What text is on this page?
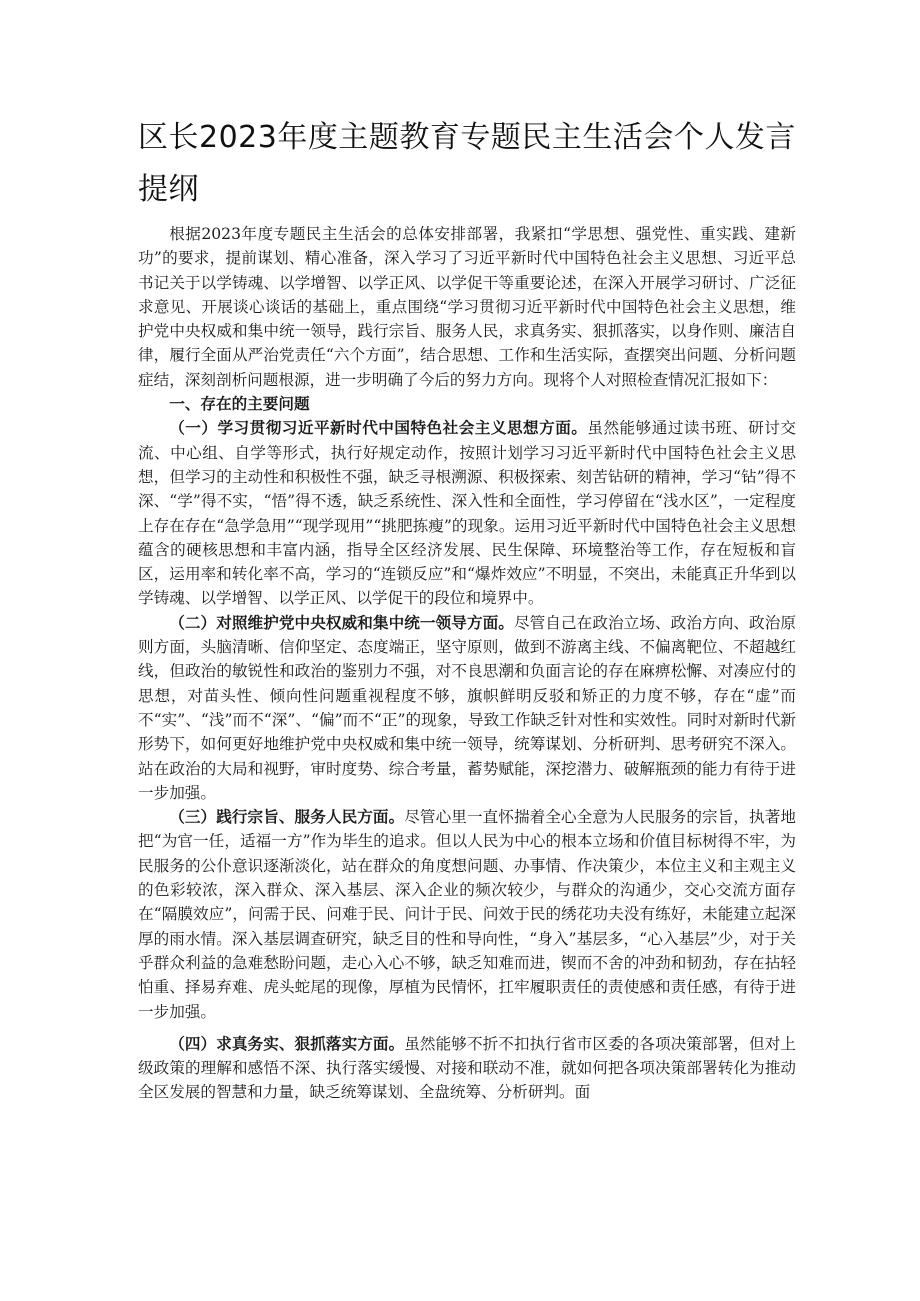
区长2023年度主题教育专题民主生活会个人发言提纲

根据2023年度专题民主生活会的总体安排部署，我紧扣“学思想、强党性、重实践、建新功”的要求，提前谋划、精心准备，深入学习了习近平新时代中国特色社会主义思想、习近平总书记关于以学铸魂、以学增智、以学正风、以学促干等重要论述，在深入开展学习研讨、广泛征求意见、开展谈心谈话的基础上，重点围绕“学习贯彻习近平新时代中国特色社会主义思想，维护党中央权威和集中统一领导，践行宗旨、服务人民，求真务实、狠抓落实，以身作则、廉洁自律，履行全面从严治党责任“六个方面”，结合思想、工作和生活实际，查摆突出问题、分析问题症结，深刻剖析问题根源，进一步明确了今后的努力方向。现将个人对照检查情况汇报如下：

一、存在的主要问题

（一）学习贯彻习近平新时代中国特色社会主义思想方面。虽然能够通过读书班、研讨交流、中心组、自学等形式，执行好规定动作，按照计划学习习近平新时代中国特色社会主义思想，但学习的主动性和积极性不强，缺乏寻根溯源、积极探索、刻苦钻研的精神，学习“钻”得不深、“学”得不实，“悟”得不透，缺乏系统性、深入性和全面性，学习停留在“浅水区”，一定程度上存在存在“急学急用”“现学现用”“挑肥拣瘦”的现象。运用习近平新时代中国特色社会主义思想蕴含的硬核思想和丰富内涵，指导全区经济发展、民生保障、环境整治等工作，存在短板和盲区，运用率和转化率不高，学习的“连锁反应”和“爆炸效应”不明显，不突出，未能真正升华到以学铸魂、以学增智、以学正风、以学促干的段位和境界中。

（二）对照维护党中央权威和集中统一领导方面。尽管自己在政治立场、政治方向、政治原则方面，头脑清晰、信仰坚定、态度端正，坚守原则，做到不游离主线、不偏离靶位、不超越红线，但政治的敏锐性和政治的鉴别力不强，对不良思潮和负面言论的存在麻痹松懈、对凑应付的思想，对苗头性、倾向性问题重视程度不够，旗帜鲜明反驳和矫正的力度不够，存在“虚”而不“实”、“浅”而不“深”、“偏”而不“正”的现象，导致工作缺乏针对性和实效性。同时对新时代新形势下，如何更好地维护党中央权威和集中统一领导，统筹谋划、分析研判、思考研究不深入。站在政治的大局和视野，审时度势、综合考量，蓄势赋能，深挖潜力、破解瓶颈的能力有待于进一步加强。

（三）践行宗旨、服务人民方面。尽管心里一直怀揣着全心全意为人民服务的宗旨，执著地把“为官一任，适福一方”作为毕生的追求。但以人民为中心的根本立场和价值目标树得不牢，为民服务的公仆意识逐渐淡化，站在群众的角度想问题、办事情、作决策少，本位主义和主观主义的色彩较浓，深入群众、深入基层、深入企业的频次较少，与群众的沟通少，交心交流方面存在“隔膜效应”，问需于民、问难于民、问计于民、问效于民的绣花功夫没有练好，未能建立起深厚的雨水情。深入基层调查研究，缺乏目的性和导向性，“身入”基层多，“心入基层”少，对于关乎群众利益的急难愁盼问题，走心入心不够，缺乏知难而进，锲而不舍的冲劲和韧劲，存在拈轻怕重、择易弃难、虎头蛇尾的现像，厚植为民情怀，扛牢履职责任的责使感和责任感，有待于进一步加强。

（四）求真务实、狠抓落实方面。虽然能够不折不扣执行省市区委的各项决策部署，但对上级政策的理解和感悟不深、执行落实缓慢、对接和联动不准，就如何把各项决策部署转化为推动全区发展的智慧和力量，缺乏统筹谋划、全盘统筹、分析研判。面
